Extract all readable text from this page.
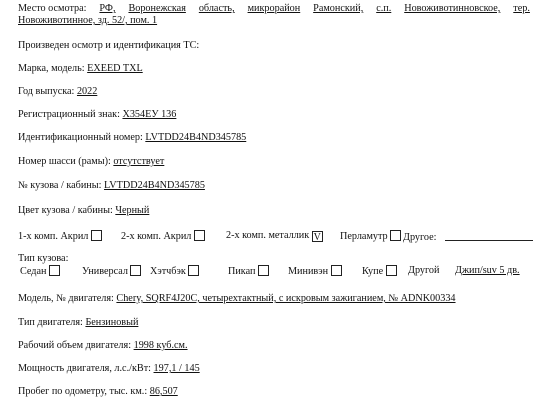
Место осмотра: РФ, Воронежская область, микрорайон Рамонский, с.п. Новоживотинновское, тер.
Новоживотинное, зд. 52/, пом. 1
Произведен осмотр и идентификация ТС:
Марка, модель: EXEED TXL
Год выпуска: 2022
Регистрационный знак: Х354ЕУ 136
Идентификационный номер: LVTDD24B4ND345785
Номер шасси (рамы): отсутствует
№ кузова / кабины: LVTDD24B4ND345785
Цвет кузова / кабины: Черный
1-х комп. Акрил	2-х комп. Акрил	2-х комп. металлик V Перламутр	Другое:
Тип кузова:
Седан	Универсал	Хэтчбэк	Пикап	Минивэн	Купе	Другой Джип/suv 5 дв.
Модель, № двигателя: Chery, SQRF4J20C, четырехтактный, с искровым зажиганием, № ADNK00334
Тип двигателя: Бензиновый
Рабочий объем двигателя: 1998 куб.см.
Мощность двигателя, л.с./кВт: 197,1 / 145
Пробег по одометру, тыс. км.: 86,507
